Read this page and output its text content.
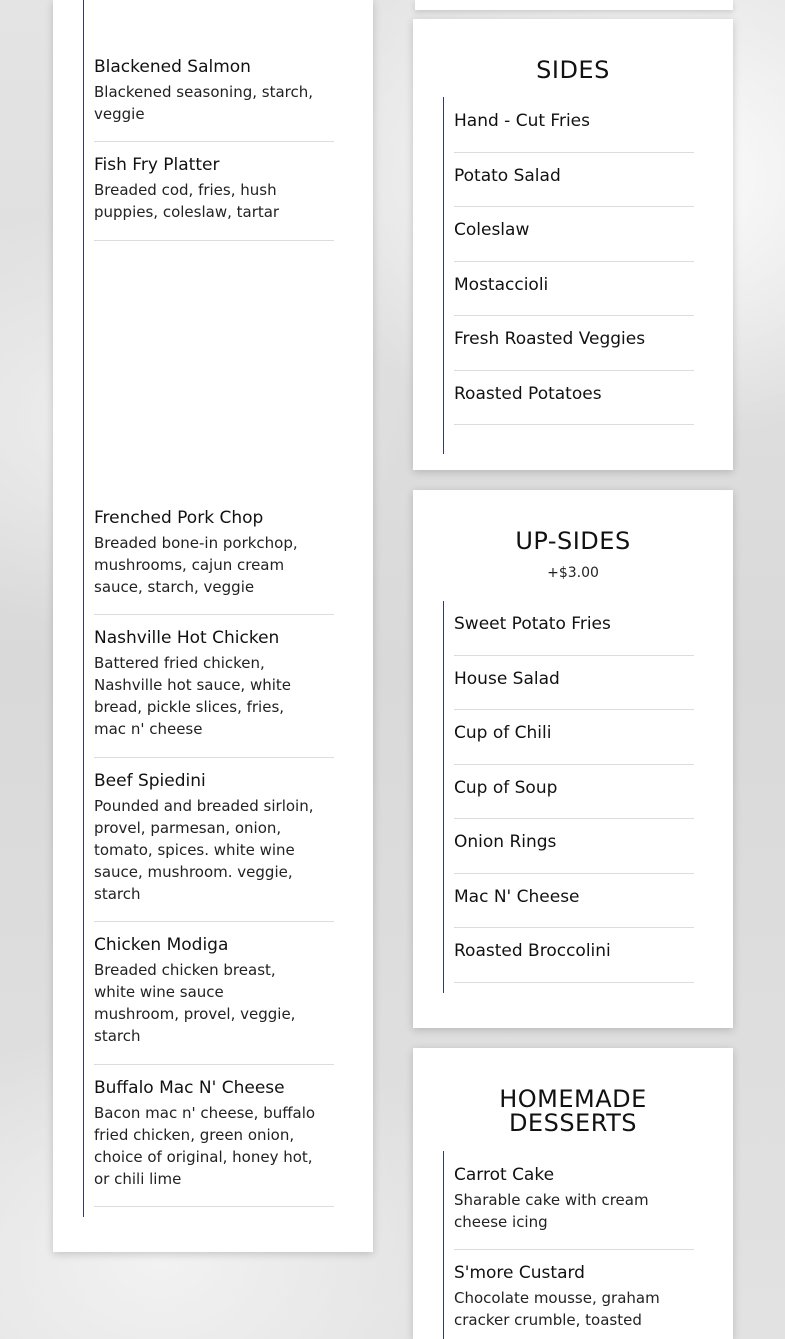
Blackened Salmon
Blackened seasoning, starch, veggie
Fish Fry Platter
Breaded cod, fries, hush puppies, coleslaw, tartar
Frenched Pork Chop
Breaded bone-in porkchop, mushrooms, cajun cream sauce, starch, veggie
Nashville Hot Chicken
Battered fried chicken, Nashville hot sauce, white bread, pickle slices, fries, mac n' cheese
Beef Spiedini
Pounded and breaded sirloin, provel, parmesan, onion, tomato, spices. white wine sauce, mushroom. veggie, starch
Chicken Modiga
Breaded chicken breast, white wine sauce mushroom, provel, veggie, starch
Buffalo Mac N' Cheese
Bacon mac n' cheese, buffalo fried chicken, green onion, choice of original, honey hot, or chili lime
SIDES
Hand - Cut Fries
Potato Salad
Coleslaw
Mostaccioli
Fresh Roasted Veggies
Roasted Potatoes
UP-SIDES
+$3.00
Sweet Potato Fries
House Salad
Cup of Chili
Cup of Soup
Onion Rings
Mac N' Cheese
Roasted Broccolini
HOMEMADE
DESSERTS
Carrot Cake
Sharable cake with cream cheese icing
S'more Custard
Chocolate mousse, graham cracker crumble, toasted
